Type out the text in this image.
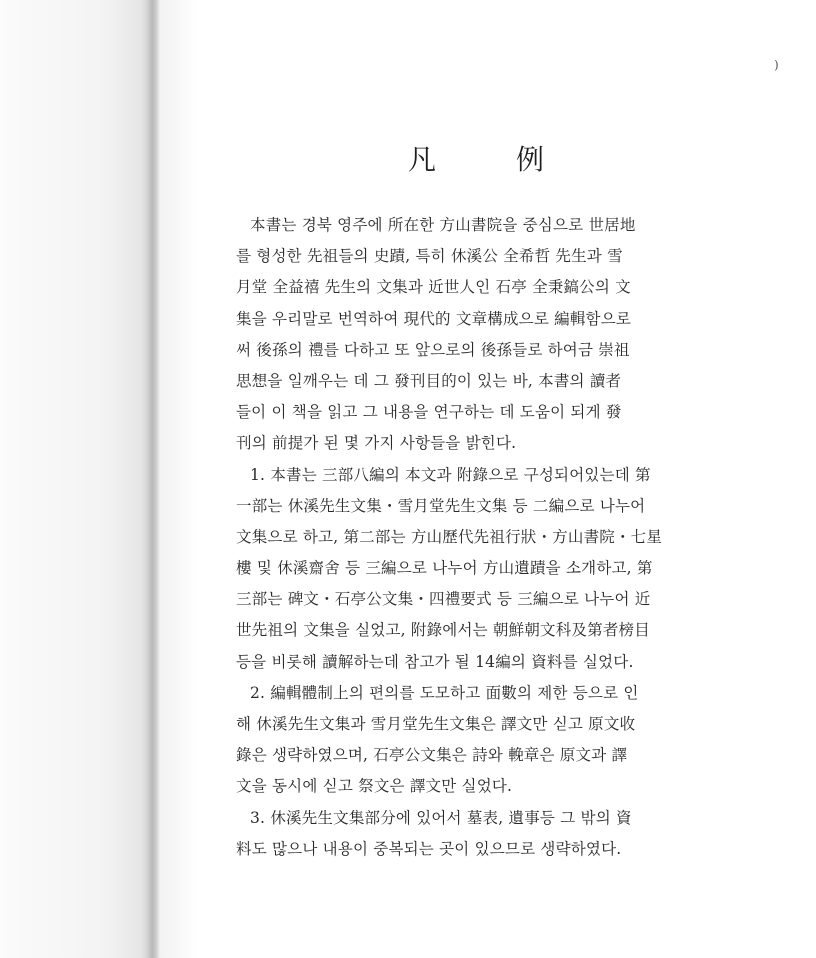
)
凡	例
本書는 경북 영주에 所在한 方山書院을 중심으로 世居地
를 형성한 先祖들의 史蹟, 특히 休溪公 全希哲 先生과 雪
月堂 全益禧 先生의 文集과 近世人인 石亭 全秉鎬公의 文
集을 우리말로 번역하여 現代的 文章構成으로 編輯함으로
써 後孫의 禮를 다하고 또 앞으로의 後孫들로 하여금 崇祖
思想을 일깨우는 데 그 發刊目的이 있는 바, 本書의 讀者
들이 이 책을 읽고 그 내용을 연구하는 데 도움이 되게 發
刊의 前提가 된 몇 가지 사항들을 밝힌다.
1. 本書는 三部八編의 本文과 附錄으로 구성되어있는데 第
一部는 休溪先生文集・雪月堂先生文集 등 二編으로 나누어
文集으로 하고, 第二部는 方山歷代先祖行狀・方山書院・七星
樓 및 休溪齋舍 등 三編으로 나누어 方山遺蹟을 소개하고, 第
三部는 碑文・石亭公文集・四禮要式 등 三編으로 나누어 近
世先祖의 文集을 실었고, 附錄에서는 朝鮮朝文科及第者榜目
등을 비롯해 讀解하는데 참고가 될 14編의 資料를 실었다.
2. 編輯體制上의 편의를 도모하고 面數의 제한 등으로 인
해 休溪先生文集과 雪月堂先生文集은 譯文만 싣고 原文收
錄은 생략하였으며, 石亭公文集은 詩와 輓章은 原文과 譯
文을 동시에 싣고 祭文은 譯文만 실었다.
3. 休溪先生文集部分에 있어서 墓表, 遺事등 그 밖의 資
料도 많으나 내용이 중복되는 곳이 있으므로 생략하였다.
